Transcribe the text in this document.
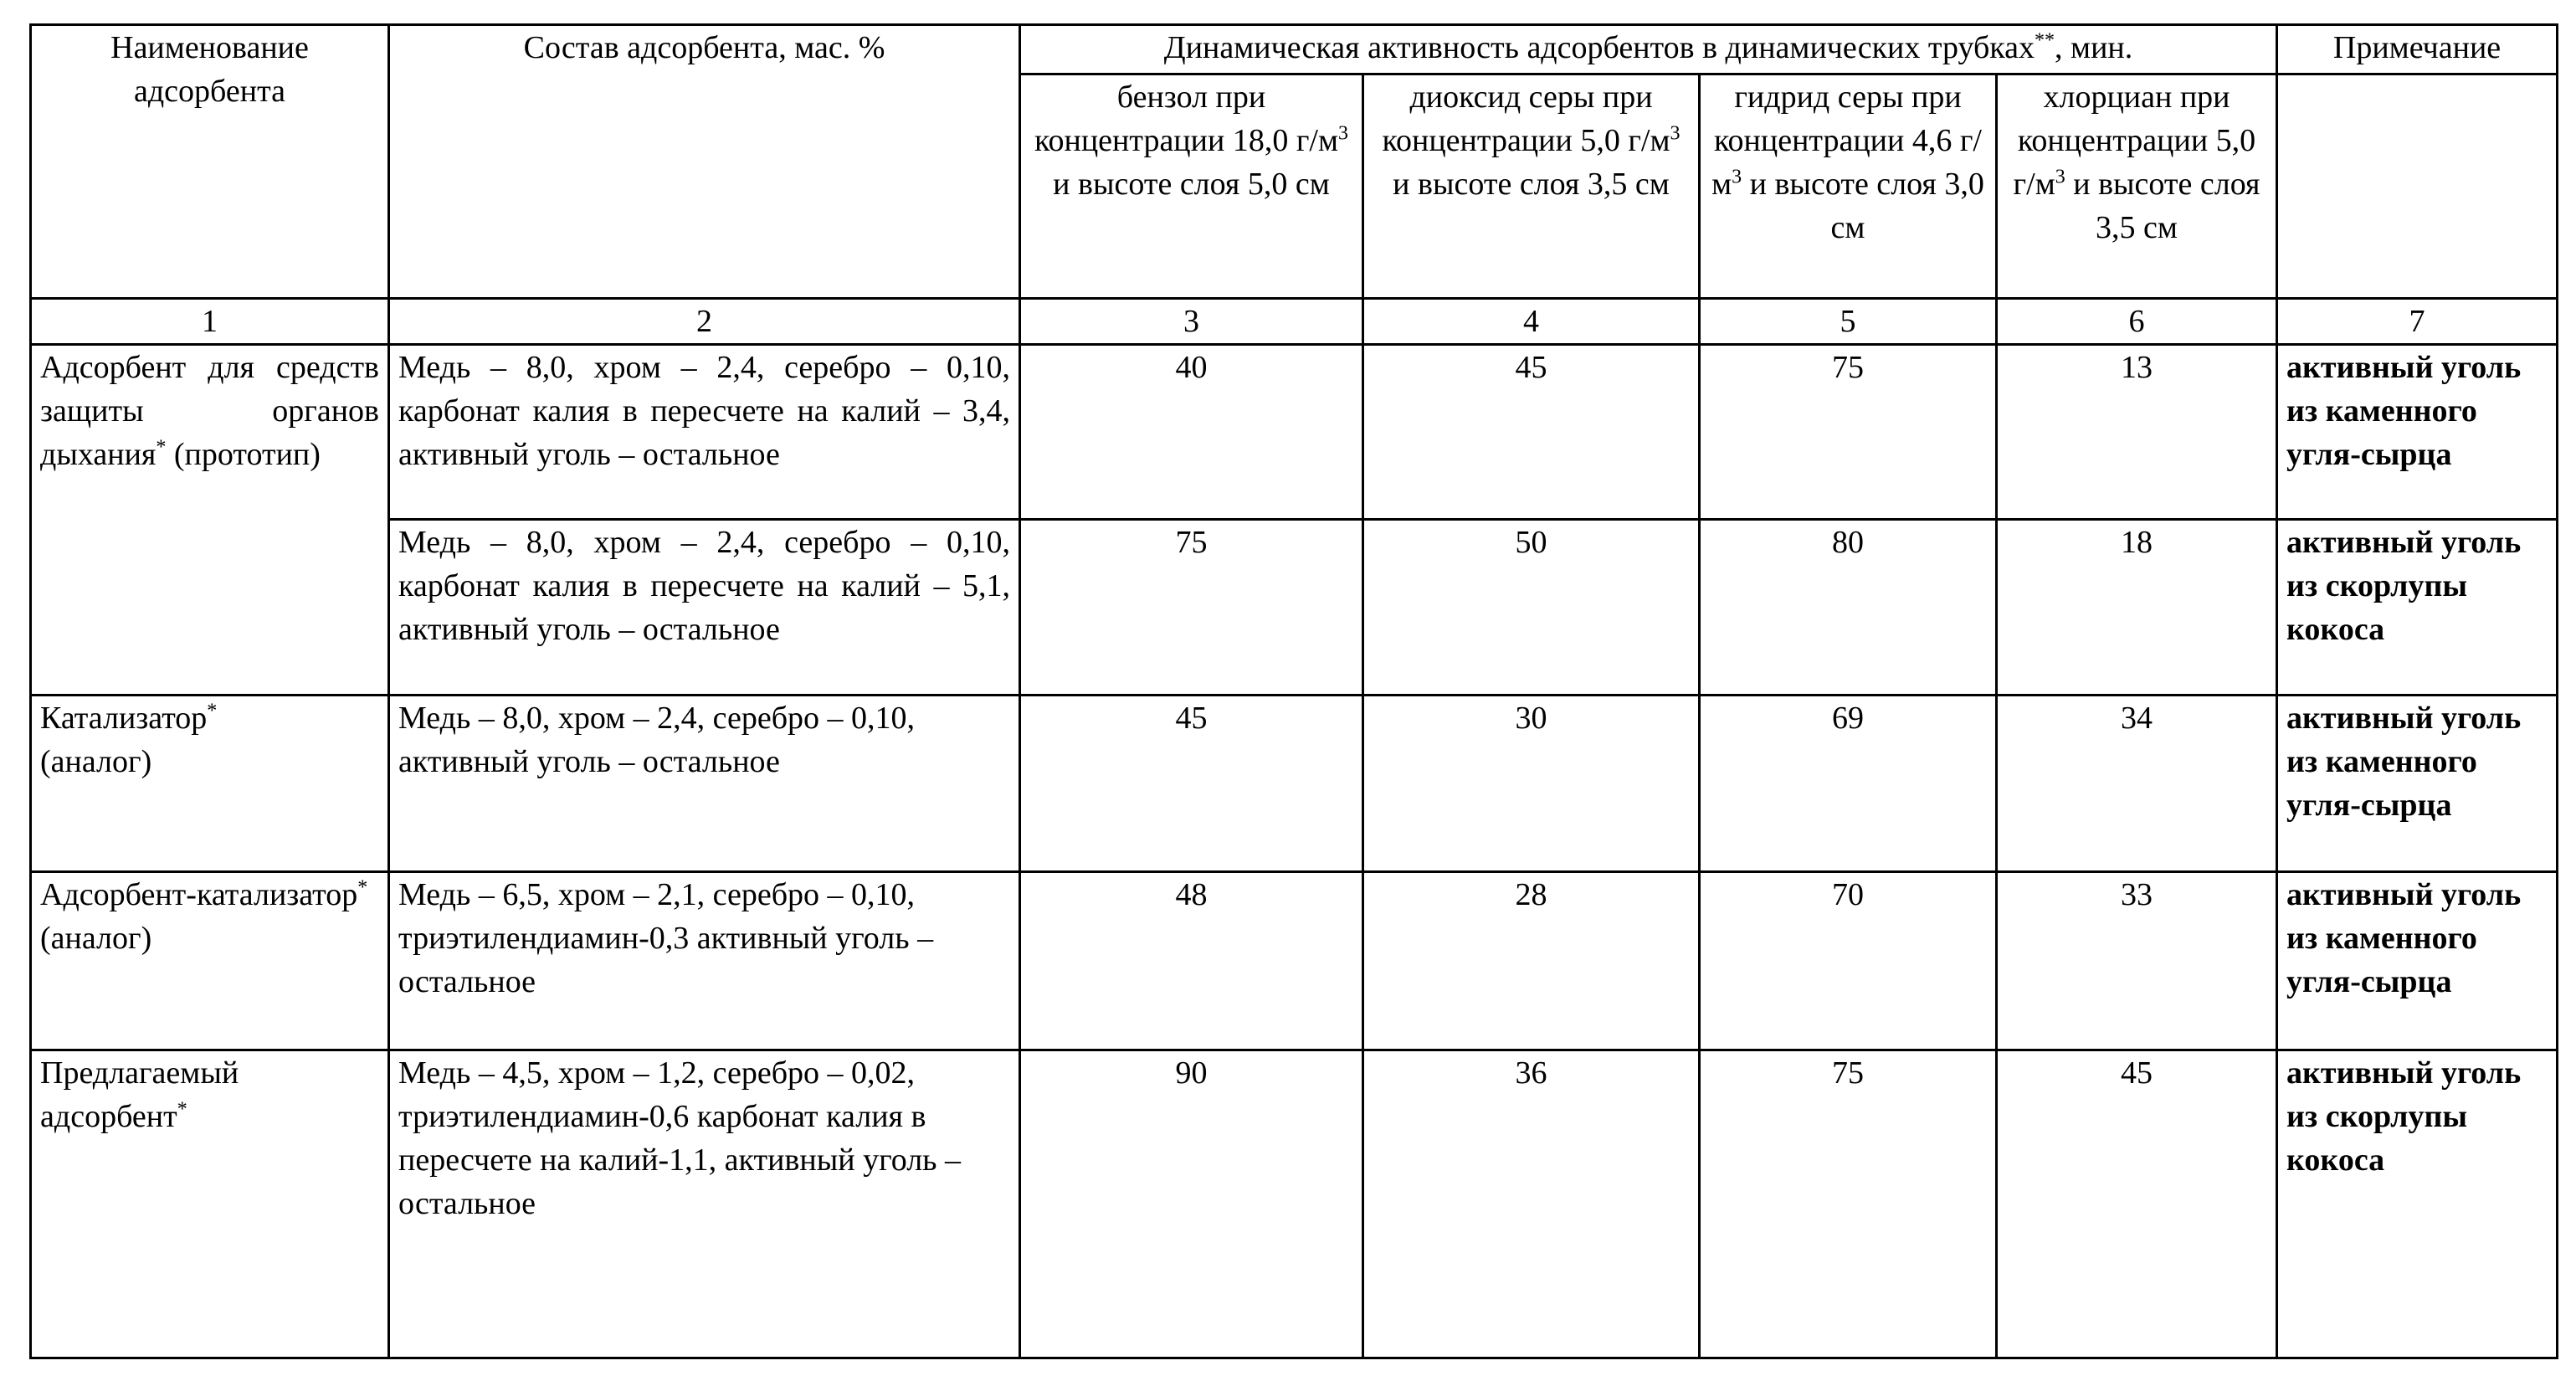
Наименование адсорбента	Состав адсорбента, мас. %	Динамическая активность адсорбентов в динамических трубках**, мин.	Примечание
бензол при концентрации 18,0 г/м3 и высоте слоя 5,0 см	диоксид серы при концентрации 5,0 г/м3 и высоте слоя 3,5 см	гидрид серы при концентрации 4,6 г/м3 и высоте слоя 3,0 см	хлорциан при концентрации 5,0 г/м3 и высоте слоя 3,5 см	
1	2	3	4	5	6	7
Адсорбент для средств защиты органов дыхания* (прототип)	Медь – 8,0, хром – 2,4, серебро – 0,10, карбонат калия в пересчете на калий – 3,4, активный уголь – остальное	40	45	75	13	активный уголь из каменного угля-сырца
Медь – 8,0, хром – 2,4, серебро – 0,10, карбонат калия в пересчете на калий – 5,1, активный уголь – остальное	75	50	80	18	активный уголь из скорлупы кокоса
Катализатор*
(аналог)	Медь – 8,0, хром – 2,4, серебро – 0,10, активный уголь – остальное	45	30	69	34	активный уголь из каменного угля-сырца
Адсорбент-катализатор*
(аналог)	Медь – 6,5, хром – 2,1, серебро – 0,10, триэтилендиамин-0,3 активный уголь – остальное	48	28	70	33	активный уголь из каменного угля-сырца
Предлагаемый адсорбент*	Медь – 4,5, хром – 1,2, серебро – 0,02, триэтилендиамин-0,6 карбонат калия в пересчете на калий-1,1, активный уголь – остальное	90	36	75	45	активный уголь из скорлупы кокоса
